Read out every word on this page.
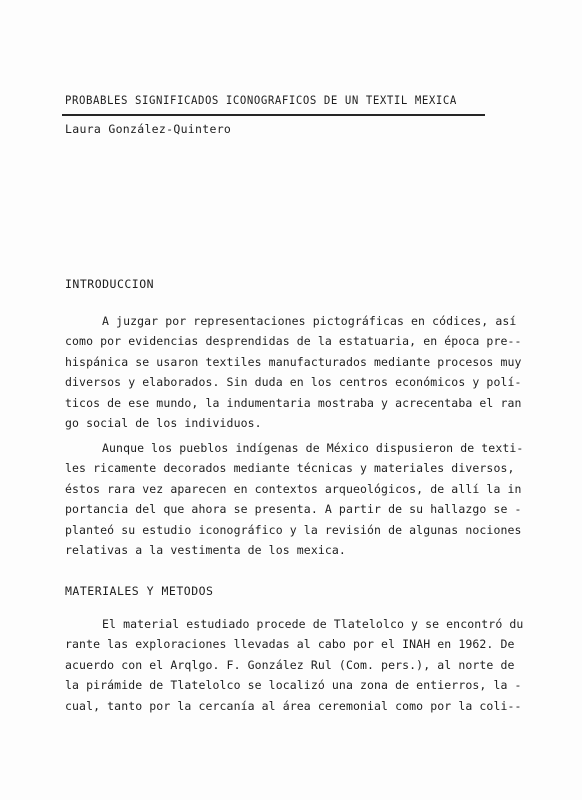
PROBABLES SIGNIFICADOS ICONOGRAFICOS DE UN TEXTIL MEXICA
Laura González-Quintero
INTRODUCCION
A juzgar por representaciones pictográficas en códices, así
como por evidencias desprendidas de la estatuaria, en época pre--
hispánica se usaron textiles manufacturados mediante procesos muy
diversos y elaborados. Sin duda en los centros económicos y polí-
ticos de ese mundo, la indumentaria mostraba y acrecentaba el ran
go social de los individuos.
Aunque los pueblos indígenas de México dispusieron de texti-
les ricamente decorados mediante técnicas y materiales diversos,
éstos rara vez aparecen en contextos arqueológicos, de allí la in
portancia del que ahora se presenta. A partir de su hallazgo se -
planteó su estudio iconográfico y la revisión de algunas nociones
relativas a la vestimenta de los mexica.
MATERIALES Y METODOS
El material estudiado procede de Tlatelolco y se encontró du
rante las exploraciones llevadas al cabo por el INAH en 1962. De
acuerdo con el Arqlgo. F. González Rul (Com. pers.), al norte de
la pirámide de Tlatelolco se localizó una zona de entierros, la -
cual, tanto por la cercanía al área ceremonial como por la coli--
